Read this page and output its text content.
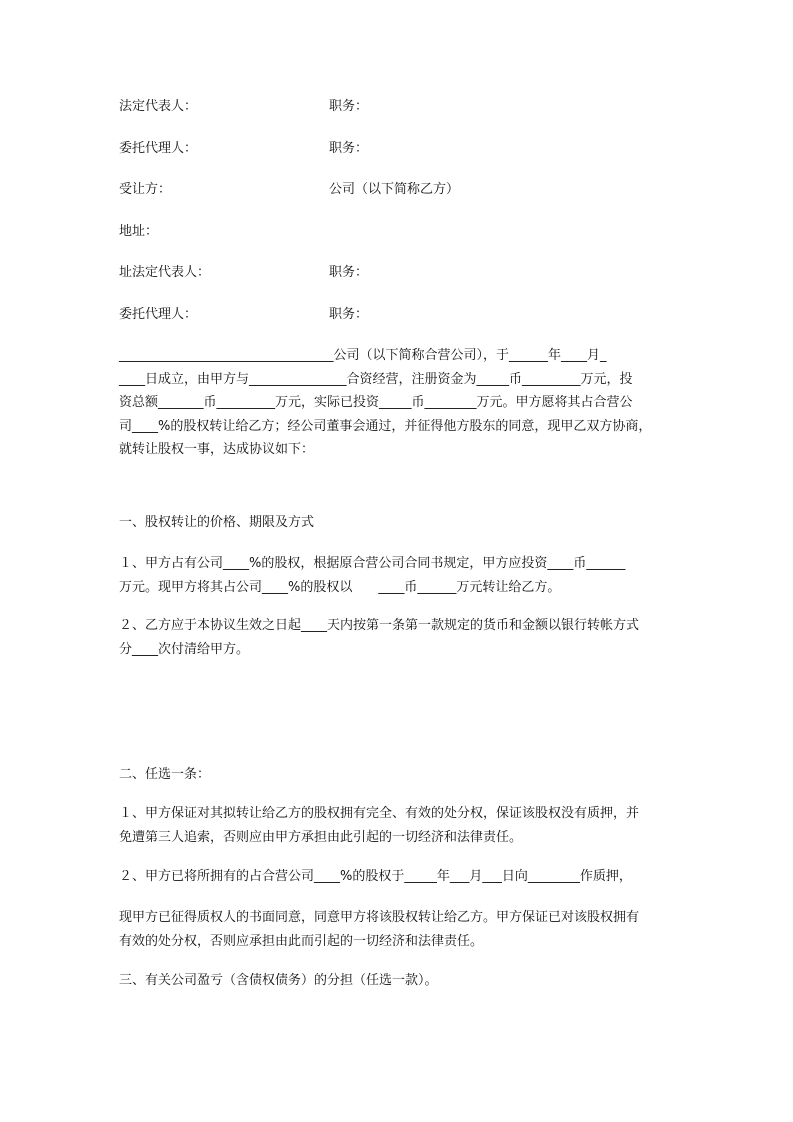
法定代表人：	职务：
委托代理人：	职务：
受让方：	公司（以下简称乙方）
地址：
址法定代表人：	职务：
委托代理人：	职务：
_________________________________公司（以下简称合营公司），于______年____月_
____日成立，由甲方与_______________合资经营，注册资金为_____币_________万元，投
资总额_______币_________万元，实际已投资_____币________万元。甲方愿将其占合营公
司____%的股权转让给乙方；经公司董事会通过，并征得他方股东的同意，现甲乙双方协商，
就转让股权一事，达成协议如下：
一、股权转让的价格、期限及方式
１、甲方占有公司____%的股权，根据原合营公司合同书规定，甲方应投资____币______
万元。现甲方将其占公司____%的股权以　　____币______万元转让给乙方。
２、乙方应于本协议生效之日起____天内按第一条第一款规定的货币和金额以银行转帐方式
分____次付清给甲方。
二、任选一条：
１、甲方保证对其拟转让给乙方的股权拥有完全、有效的处分权，保证该股权没有质押，并
免遭第三人追索，否则应由甲方承担由此引起的一切经济和法律责任。
２、甲方已将所拥有的占合营公司____%的股权于_____年___月___日向________作质押，
现甲方已征得质权人的书面同意，同意甲方将该股权转让给乙方。甲方保证已对该股权拥有
有效的处分权，否则应承担由此而引起的一切经济和法律责任。
三、有关公司盈亏（含债权债务）的分担（任选一款）。
